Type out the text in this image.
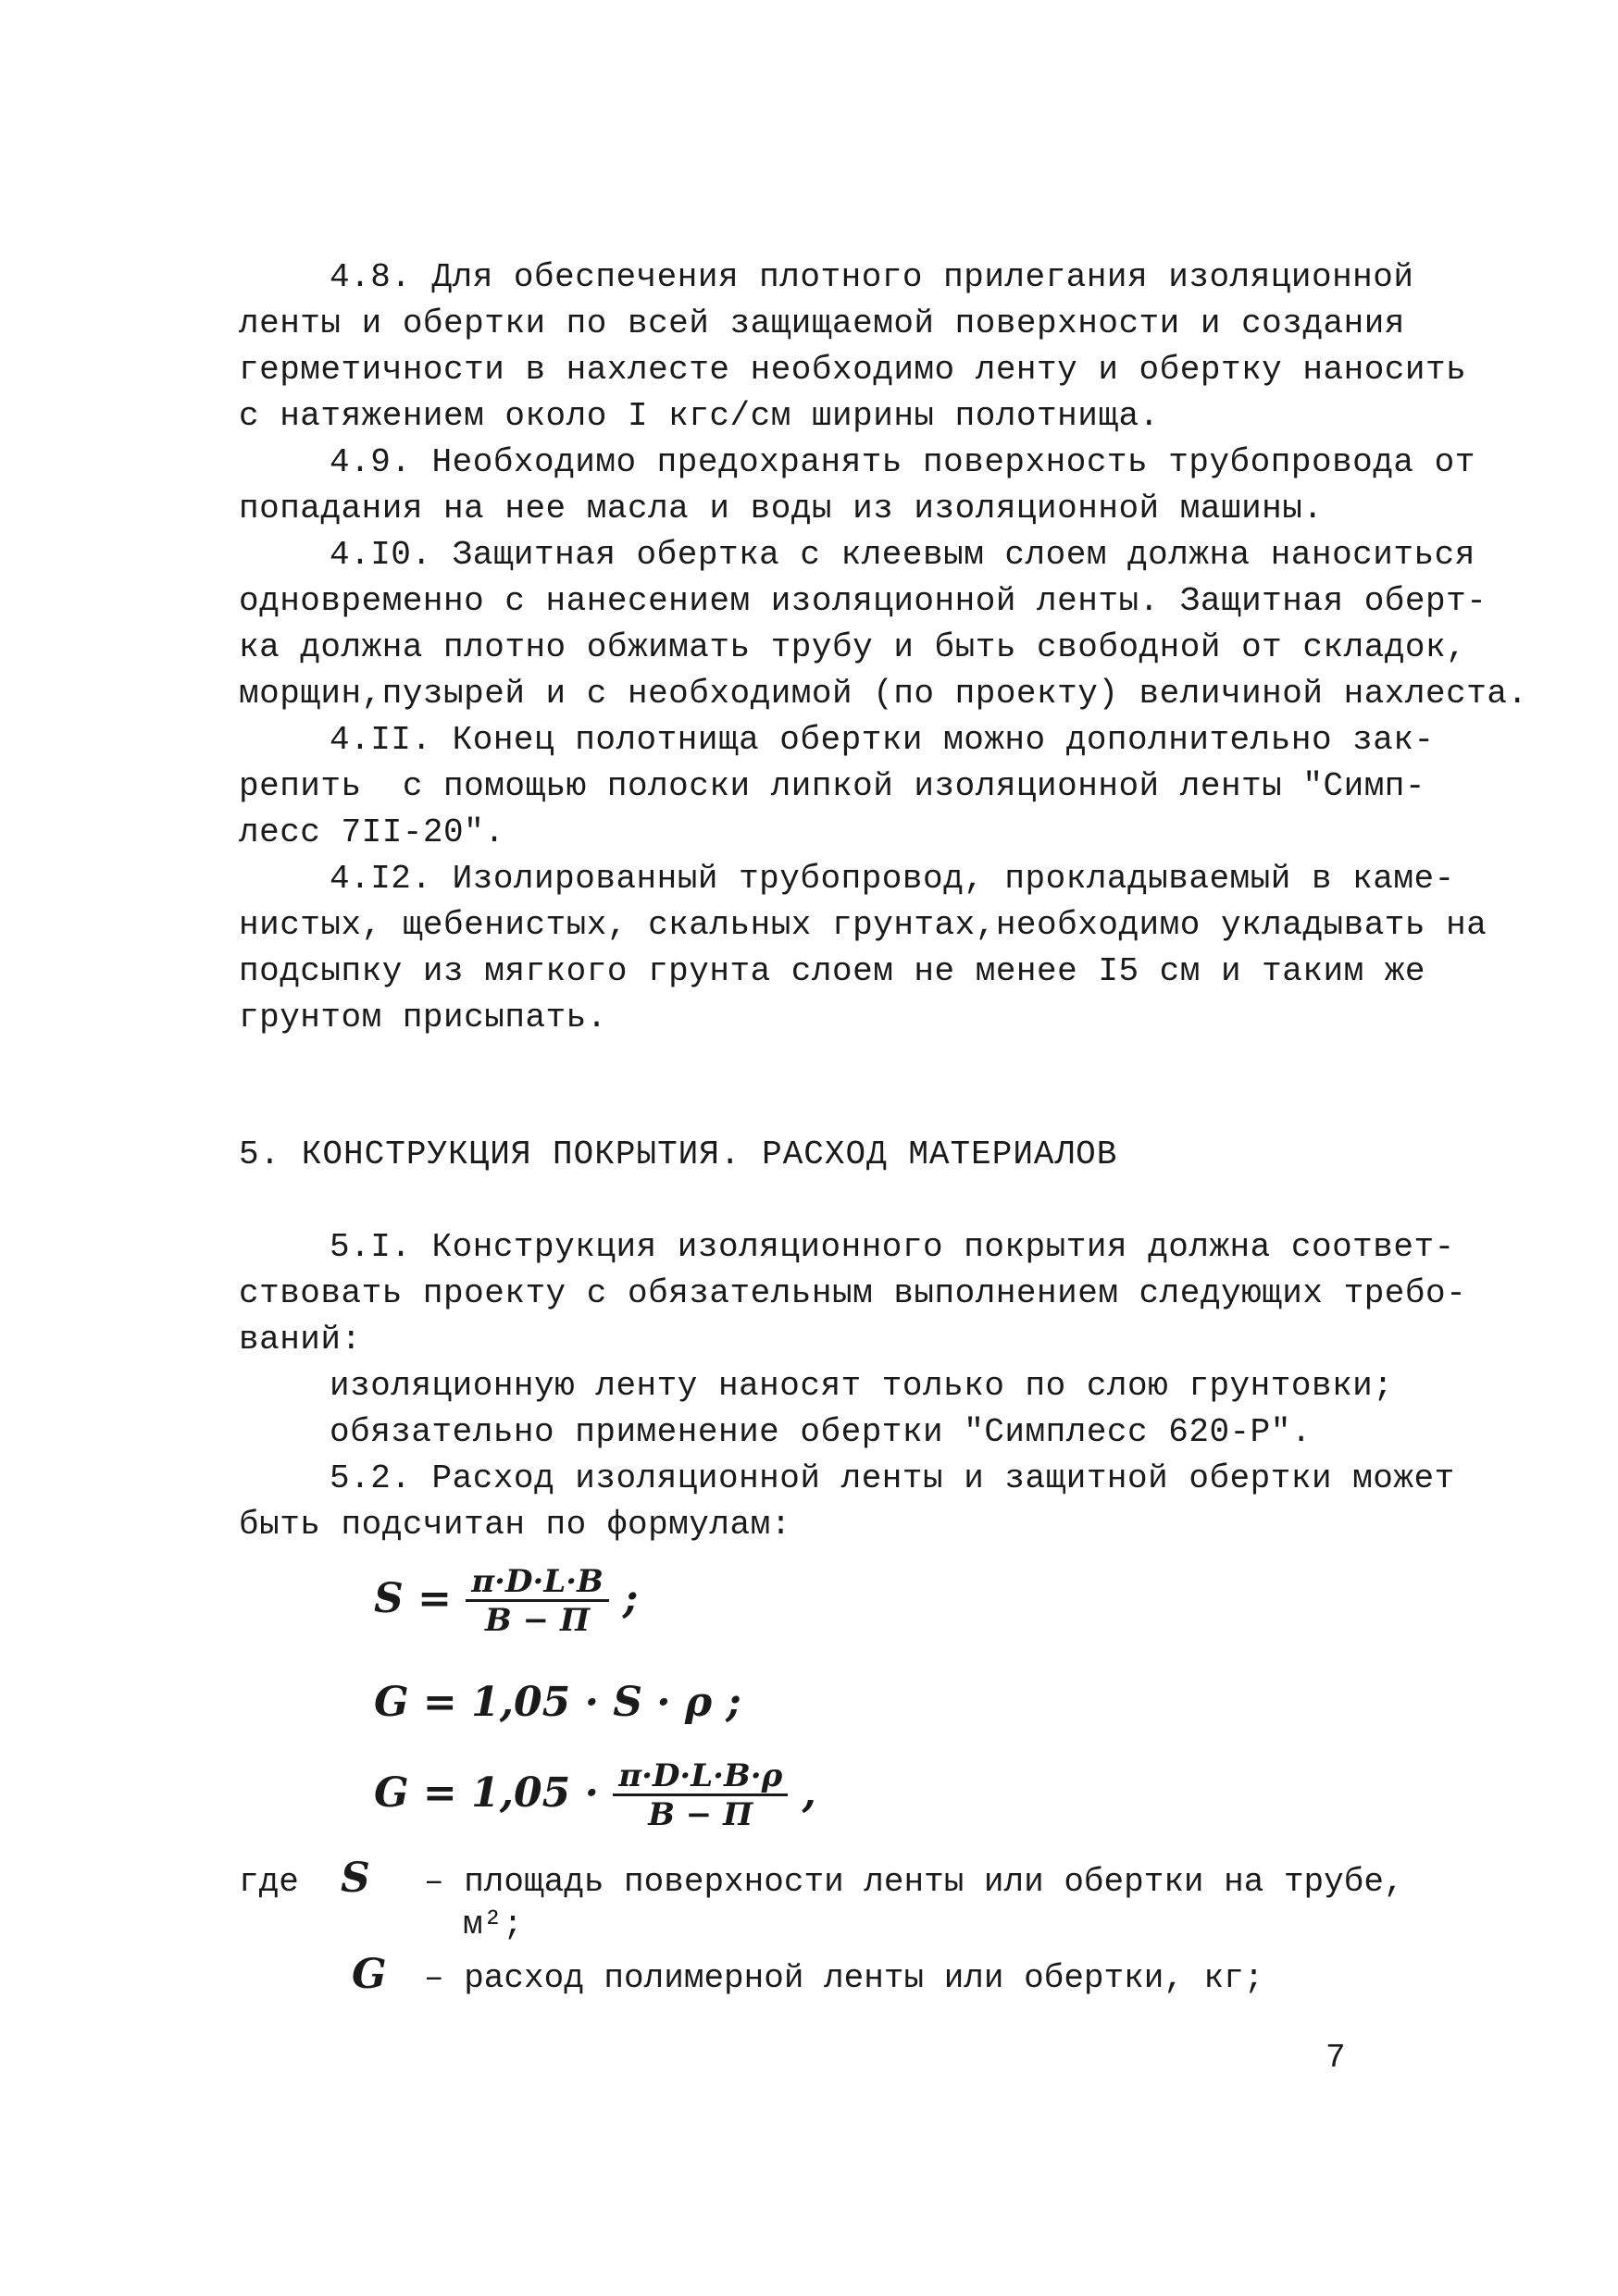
4.8. Для обеспечения плотного прилегания изоляционной
ленты и обертки по всей защищаемой поверхности и создания
герметичности в нахлесте необходимо ленту и обертку наносить
с натяжением около I кгс/см ширины полотнища.
4.9. Необходимо предохранять поверхность трубопровода от
попадания на нее масла и воды из изоляционной машины.
4.I0. Защитная обертка с клеевым слоем должна наноситься
одновременно с нанесением изоляционной ленты. Защитная оберт-
ка должна плотно обжимать трубу и быть свободной от складок,
морщин,пузырей и с необходимой (по проекту) величиной нахлеста.
4.II. Конец полотнища обертки можно дополнительно зак-
репить  с помощью полоски липкой изоляционной ленты "Симп-
лесс 7II-20".
4.I2. Изолированный трубопровод, прокладываемый в каме-
нистых, щебенистых, скальных грунтах,необходимо укладывать на
подсыпку из мягкого грунта слоем не менее I5 см и таким же
грунтом присыпать.
5. КОНСТРУКЦИЯ ПОКРЫТИЯ. РАСХОД МАТЕРИАЛОВ
5.I. Конструкция изоляционного покрытия должна соответ-
ствовать проекту с обязательным выполнением следующих требо-
ваний:
изоляционную ленту наносят только по слою грунтовки;
обязательно применение обертки "Симплесс 620-Р".
5.2. Расход изоляционной ленты и защитной обертки может
быть подсчитан по формулам:
$S = \frac{\pi\cdot D\cdot L\cdot B}{B - П}$ ;
G = 1,05 · S · ρ ;
$G = 1,05 \cdot \frac{\pi\cdot D\cdot L\cdot B\cdot\rho}{B - П}$ ,
где S – площадь поверхности ленты или обертки на трубе,
м²;
G – расход полимерной ленты или обертки, кг;
7
